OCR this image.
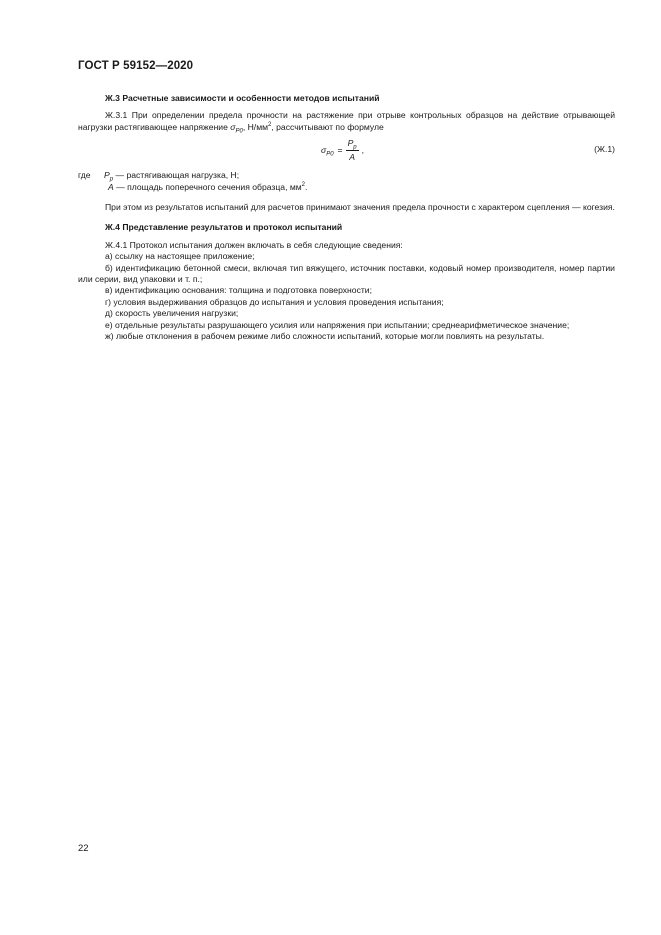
ГОСТ Р 59152—2020

Ж.3 Расчетные зависимости и особенности методов испытаний

Ж.3.1 При определении предела прочности на растяжение при отрыве контрольных образцов на действие отрывающей нагрузки растягивающее напряжение $\sigma_{P0}$, $Н/мм^2$, рассчитывают по формуле

$\sigma_{P0} = \frac{P_p}{A}$ ,	(Ж.1)
где	$P_p$ — растягивающая нагрузка, Н;

A — площадь поперечного сечения образца, $мм^2$.

При этом из результатов испытаний для расчетов принимают значения предела прочности с характером сцепления — когезия.

Ж.4 Представление результатов и протокол испытаний

Ж.4.1 Протокол испытания должен включать в себя следующие сведения:

а) ссылку на настоящее приложение;

б) идентификацию бетонной смеси, включая тип вяжущего, источник поставки, кодовый номер производителя, номер партии или серии, вид упаковки и т. п.;

в) идентификацию основания: толщина и подготовка поверхности;

г) условия выдерживания образцов до испытания и условия проведения испытания;

д) скорость увеличения нагрузки;

е) отдельные результаты разрушающего усилия или напряжения при испытании; среднеарифметическое значение;

ж) любые отклонения в рабочем режиме либо сложности испытаний, которые могли повлиять на результаты.

22
